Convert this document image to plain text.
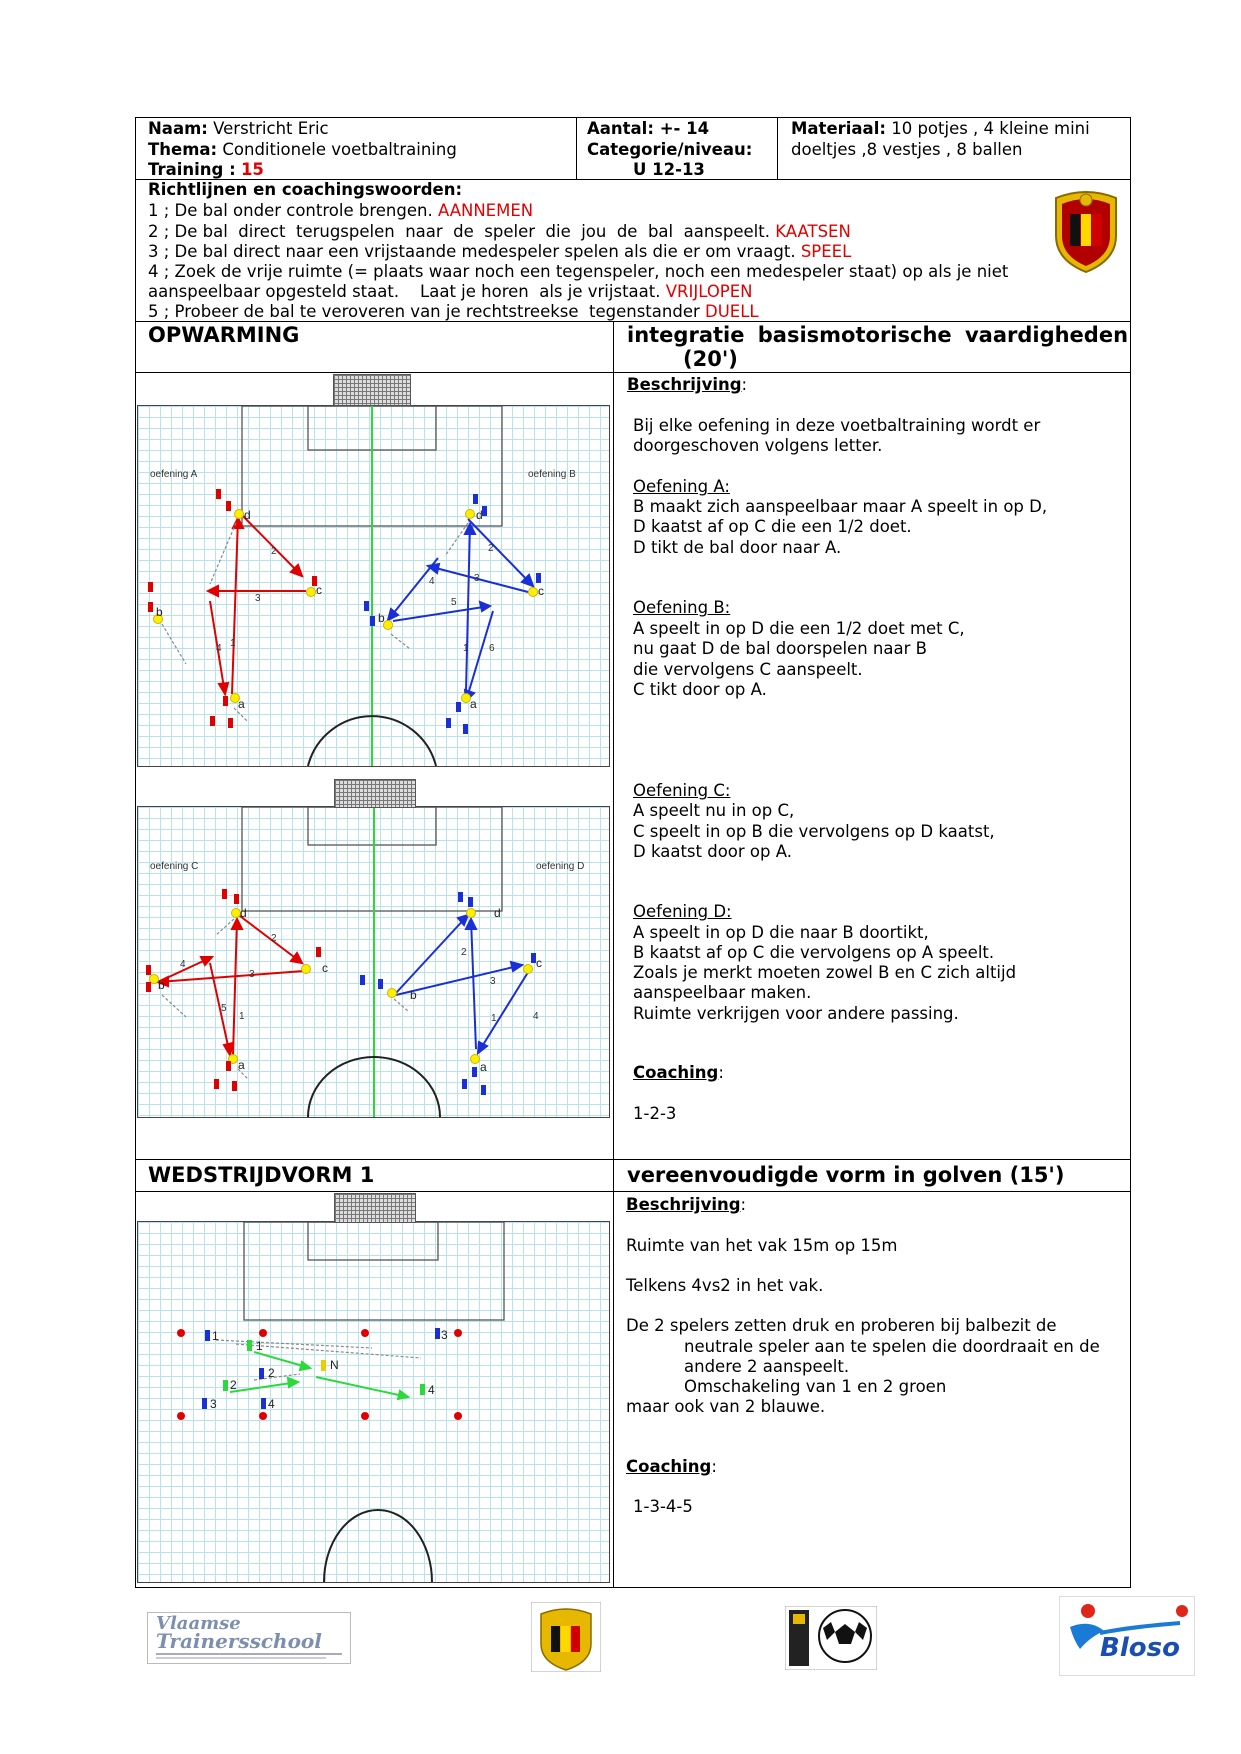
Naam: Verstricht Eric
Thema: Conditionele voetbaltraining
Training : 15
Aantal: +- 14
Categorie/niveau:
U 12-13
Materiaal: 10 potjes , 4 kleine mini
doeltjes ,8 vestjes , 8 ballen
Richtlijnen en coachingswoorden:
1 ; De bal onder controle brengen. AANNEMEN
2 ; De bal  direct  terugspelen  naar  de  speler  die  jou  de  bal  aanspeelt. KAATSEN
3 ; De bal direct naar een vrijstaande medespeler spelen als die er om vraagt. SPEEL
4 ; Zoek de vrije ruimte (= plaats waar noch een tegenspeler, noch een medespeler staat) op als je niet
aanspeelbaar opgesteld staat.    Laat je horen  als je vrijstaat. VRIJLOPEN
5 ; Probeer de bal te veroveren van je rechtstreekse  tegenstander DUELL
OPWARMING	integratie basismotorische vaardigheden
(20')
2
3
4 1
2
3
4
5
6
1
d
c
b
a
d
c
b
a
oefening A	oefening B
2
3
4
5
1
2
3
4
1
d
c
b
a
d
c
b
a
oefening C	oefening D
Beschrijving:
Bij elke oefening in deze voetbaltraining wordt er
doorgeschoven volgens letter.
Oefening A:
B maakt zich aanspeelbaar maar A speelt in op D,
D kaatst af op C die een 1/2 doet.
D tikt de bal door naar A.
Oefening B:
A speelt in op D die een 1/2 doet met C,
nu gaat D de bal doorspelen naar B
die vervolgens C aanspeelt.
C tikt door op A.
Oefening C:
A speelt nu in op C,
C speelt in op B die vervolgens op D kaatst,
D kaatst door op A.
Oefening D:
A speelt in op D die naar B doortikt,
B kaatst af op C die vervolgens op A speelt.
Zoals je merkt moeten zowel B en C zich altijd
aanspeelbaar maken.
Ruimte verkrijgen voor andere passing.
Coaching:
1-2-3
WEDSTRIJDVORM 1	vereenvoudigde vorm in golven (15')
1
1
2
2
N
3
3	4
4
Beschrijving:
Ruimte van het vak 15m op 15m
Telkens 4vs2 in het vak.
De 2 spelers zetten druk en proberen bij balbezit de
neutrale speler aan te spelen die doordraait en de
andere 2 aanspeelt.
Omschakeling van 1 en 2 groen
maar ook van 2 blauwe.
Coaching:
1-3-4-5
Vlaamse
Trainersschool	Bloso
